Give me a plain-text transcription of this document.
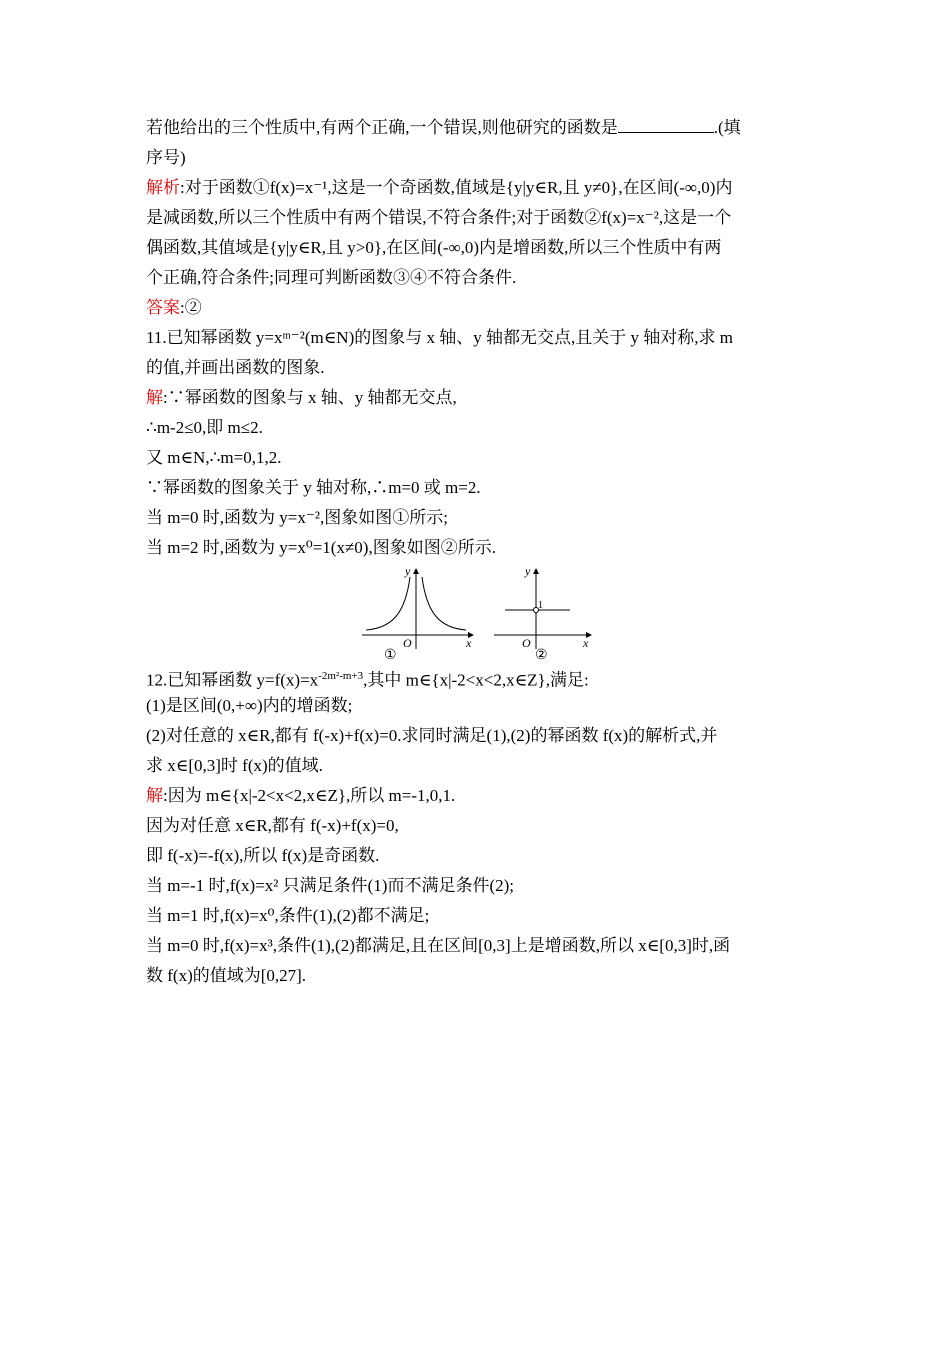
若他给出的三个性质中,有两个正确,一个错误,则他研究的函数是	.(填
序号)
解析:对于函数①f(x)=x⁻¹,这是一个奇函数,值域是{y|y∈R,且 y≠0},在区间(-∞,0)内
是减函数,所以三个性质中有两个错误,不符合条件;对于函数②f(x)=x⁻²,这是一个
偶函数,其值域是{y|y∈R,且 y>0},在区间(-∞,0)内是增函数,所以三个性质中有两
个正确,符合条件;同理可判断函数③④不符合条件.
答案:②
11.已知幂函数 y=xᵐ⁻²(m∈N)的图象与 x 轴、y 轴都无交点,且关于 y 轴对称,求 m
的值,并画出函数的图象.
解:∵幂函数的图象与 x 轴、y 轴都无交点,
∴m-2≤0,即 m≤2.
又 m∈N,∴m=0,1,2.
∵幂函数的图象关于 y 轴对称,∴m=0 或 m=2.
当 m=0 时,函数为 y=x⁻²,图象如图①所示;
当 m=2 时,函数为 y=x⁰=1(x≠0),图象如图②所示.
y
x
O
①
y
x
O
1
②
12.已知幂函数 $y=f(x)=x^{-2m^2-m+3}$,其中 m∈{x|-2<x<2,x∈Z},满足:
(1)是区间(0,+∞)内的增函数;
(2)对任意的 x∈R,都有 f(-x)+f(x)=0.求同时满足(1),(2)的幂函数 f(x)的解析式,并
求 x∈[0,3]时 f(x)的值域.
解:因为 m∈{x|-2<x<2,x∈Z},所以 m=-1,0,1.
因为对任意 x∈R,都有 f(-x)+f(x)=0,
即 f(-x)=-f(x),所以 f(x)是奇函数.
当 m=-1 时,f(x)=x² 只满足条件(1)而不满足条件(2);
当 m=1 时,f(x)=x⁰,条件(1),(2)都不满足;
当 m=0 时,f(x)=x³,条件(1),(2)都满足,且在区间[0,3]上是增函数,所以 x∈[0,3]时,函
数 f(x)的值域为[0,27].
